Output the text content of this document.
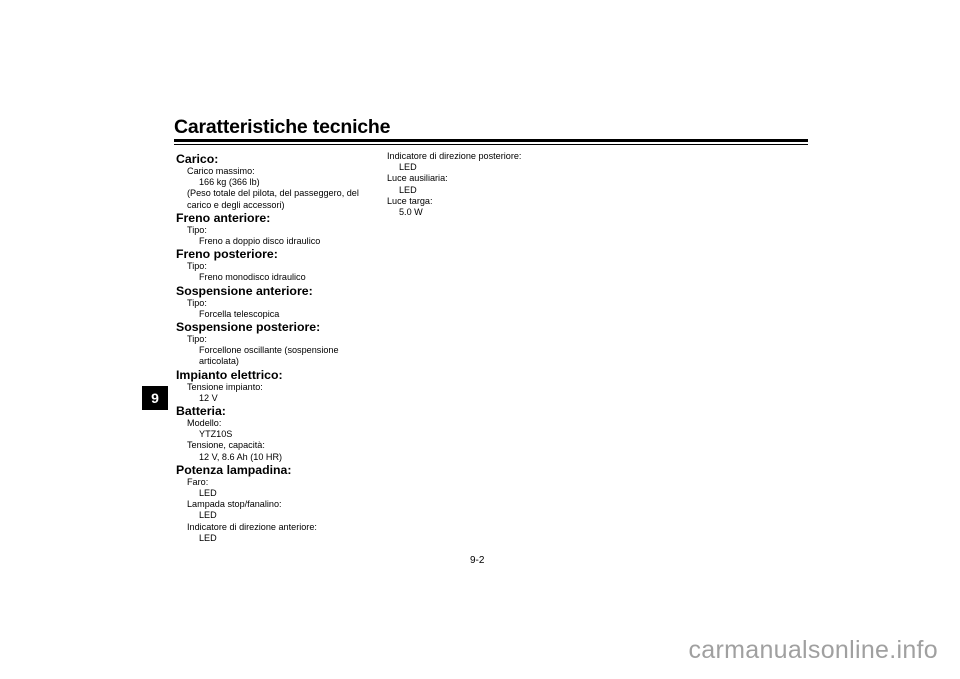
Caratteristiche tecniche
9
Carico:
Carico massimo:
166 kg (366 lb)
(Peso totale del pilota, del passeggero, del carico e degli accessori)
Freno anteriore:
Tipo:
Freno a doppio disco idraulico
Freno posteriore:
Tipo:
Freno monodisco idraulico
Sospensione anteriore:
Tipo:
Forcella telescopica
Sospensione posteriore:
Tipo:
Forcellone oscillante (sospensione articolata)
Impianto elettrico:
Tensione impianto:
12 V
Batteria:
Modello:
YTZ10S
Tensione, capacità:
12 V, 8.6 Ah (10 HR)
Potenza lampadina:
Faro:
LED
Lampada stop/fanalino:
LED
Indicatore di direzione anteriore:
LED
Indicatore di direzione posteriore:
LED
Luce ausiliaria:
LED
Luce targa:
5.0 W
9-2
carmanualsonline.info
